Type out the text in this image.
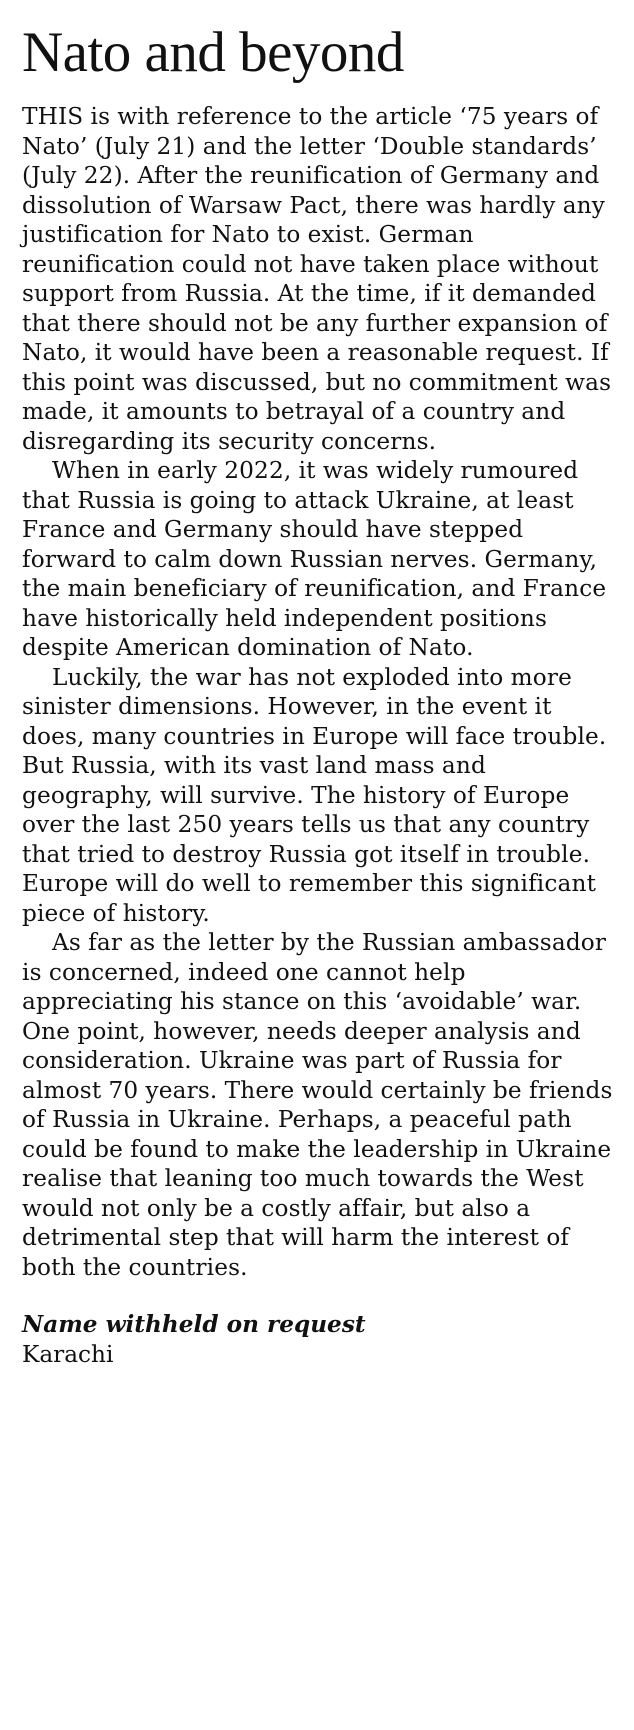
Nato and beyond

THIS is with reference to the article ‘75 years of Nato’ (July 21) and the letter ‘Double standards’ (July 22). After the reunification of Germany and dissolution of Warsaw Pact, there was hardly any justification for Nato to exist. German reunification could not have taken place without support from Russia. At the time, if it demanded that there should not be any further expansion of Nato, it would have been a reasonable request. If this point was discussed, but no commitment was made, it amounts to betrayal of a country and disregarding its security concerns.

When in early 2022, it was widely rumoured that Russia is going to attack Ukraine, at least France and Germany should have stepped forward to calm down Russian nerves. Germany, the main beneficiary of reunification, and France have historically held independent positions despite American domination of Nato.

Luckily, the war has not exploded into more sinister dimensions. However, in the event it does, many countries in Europe will face trouble. But Russia, with its vast land mass and geography, will survive. The history of Europe over the last 250 years tells us that any country that tried to destroy Russia got itself in trouble. Europe will do well to remember this significant piece of history.

As far as the letter by the Russian ambassador is concerned, indeed one cannot help appreciating his stance on this ‘avoidable’ war. One point, however, needs deeper analysis and consideration. Ukraine was part of Russia for almost 70 years. There would certainly be friends of Russia in Ukraine. Perhaps, a peaceful path could be found to make the leadership in Ukraine realise that leaning too much towards the West would not only be a costly affair, but also a detrimental step that will harm the interest of both the countries.

Name withheld on request
Karachi
